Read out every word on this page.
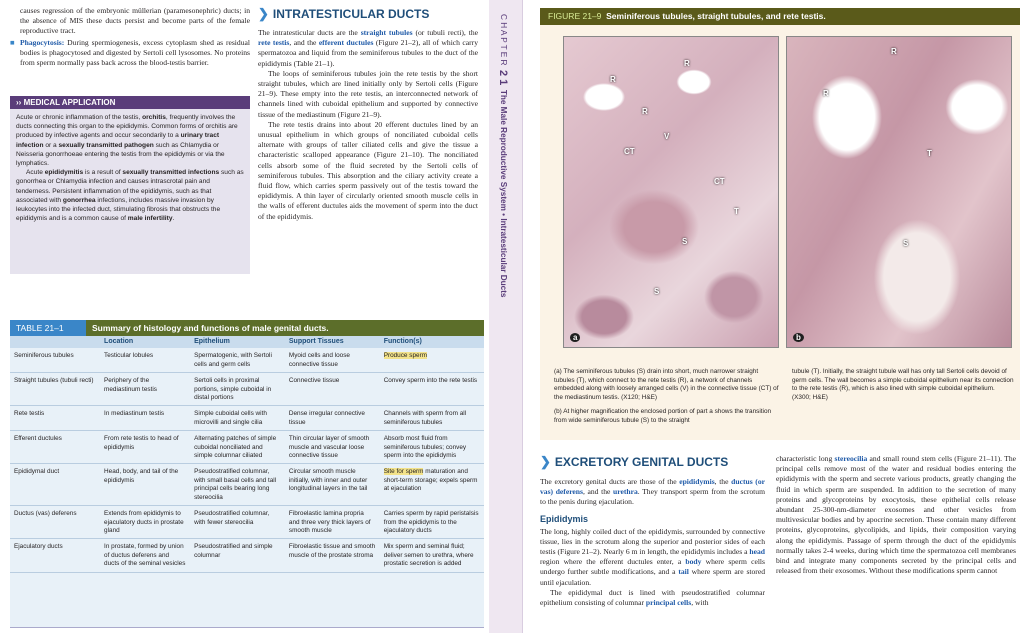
causes regression of the embryonic müllerian (paramesonephric) ducts; in the absence of MIS these ducts persist and become parts of the female reproductive tract.

■ Phagocytosis: During spermiogenesis, excess cytoplasm shed as residual bodies is phagocytosed and digested by Sertoli cell lysosomes. No proteins from sperm normally pass back across the blood-testis barrier.

›› MEDICAL APPLICATION

Acute or chronic inflammation of the testis, orchitis, frequently involves the ducts connecting this organ to the epididymis. Common forms of orchitis are produced by infective agents and occur secondarily to a urinary tract infection or a sexually transmitted pathogen such as Chlamydia or Neisseria gonorrhoeae entering the testis from the epididymis or via the lymphatics.

Acute epididymitis is a result of sexually transmitted infections such as gonorrhea or Chlamydia infection and causes intrascrotal pain and tenderness. Persistent inflammation of the epididymis, such as that associated with gonorrhea infections, includes massive invasion by leukocytes into the infected duct, stimulating fibrosis that obstructs the epididymis and is a common cause of male infertility.

❯ INTRATESTICULAR DUCTS

The intratesticular ducts are the straight tubules (or tubuli recti), the rete testis, and the efferent ductules (Figure 21–2), all of which carry spermatozoa and liquid from the seminiferous tubules to the duct of the epididymis (Table 21–1).

The loops of seminiferous tubules join the rete testis by the short straight tubules, which are lined initially only by Sertoli cells (Figure 21–9). These empty into the rete testis, an interconnected network of channels lined with cuboidal epithelium and supported by connective tissue of the mediastinum (Figure 21–9).

The rete testis drains into about 20 efferent ductules lined by an unusual epithelium in which groups of nonciliated cuboidal cells alternate with groups of taller ciliated cells and give the tissue a characteristic scalloped appearance (Figure 21–10). The nonciliated cells absorb some of the fluid secreted by the Sertoli cells of seminiferous tubules. This absorption and the ciliary activity create a fluid flow, which carries sperm passively out of the testis toward the epididymis. A thin layer of circularly oriented smooth muscle cells in the walls of efferent ductules aids the movement of sperm into the duct of the epididymis.

TABLE 21–1	Summary of histology and functions of male genital ducts.
	Location	Epithelium	Support Tissues	Function(s)
Seminiferous tubules	Testicular lobules	Spermatogenic, with Sertoli cells and germ cells	Myoid cells and loose connective tissue	Produce sperm
Straight tubules (tubuli recti)	Periphery of the mediastinum testis	Sertoli cells in proximal portions, simple cuboidal in distal portions	Connective tissue	Convey sperm into the rete testis
Rete testis	In mediastinum testis	Simple cuboidal cells with microvilli and single cilia	Dense irregular connective tissue	Channels with sperm from all seminiferous tubules
Efferent ductules	From rete testis to head of epididymis	Alternating patches of simple cuboidal nonciliated and simple columnar ciliated	Thin circular layer of smooth muscle and vascular loose connective tissue	Absorb most fluid from seminiferous tubules; convey sperm into the epididymis
Epididymal duct	Head, body, and tail of the epididymis	Pseudostratified columnar, with small basal cells and tall principal cells bearing long stereocilia	Circular smooth muscle initially, with inner and outer longitudinal layers in the tail	Site for sperm maturation and short-term storage; expels sperm at ejaculation
Ductus (vas) deferens	Extends from epididymis to ejaculatory ducts in prostate gland	Pseudostratified columnar, with fewer stereocilia	Fibroelastic lamina propria and three very thick layers of smooth muscle	Carries sperm by rapid peristalsis from the epididymis to the ejaculatory ducts
Ejaculatory ducts	In prostate, formed by union of ductus deferens and ducts of the seminal vesicles	Pseudostratified and simple columnar	Fibroelastic tissue and smooth muscle of the prostate stroma	Mix sperm and seminal fluid; deliver semen to urethra, where prostatic secretion is added
C H A P T E R  2 1  The Male Reproductive System • Intratesticular Ducts
FIGURE 21–9 Seminiferous tubules, straight tubules, and rete testis.
R
R
R
CT
CT
V
T
S
S
a
R
R
T
S
b
(a) The seminiferous tubules (S) drain into short, much narrower straight tubules (T), which connect to the rete testis (R), a network of channels embedded along with loosely arranged cells (V) in the connective tissue (CT) of the mediastinum testis. (X120; H&E)
(b) At higher magnification the enclosed portion of part a shows the transition from wide seminiferous tubule (S) to the straight
tubule (T). Initially, the straight tubule wall has only tall Sertoli cells devoid of germ cells. The wall becomes a simple cuboidal epithelium near its connection to the rete testis (R), which is also lined with simple cuboidal epithelium. (X300; H&E)
❯ EXCRETORY GENITAL DUCTS

The excretory genital ducts are those of the epididymis, the ductus (or vas) deferens, and the urethra. They transport sperm from the scrotum to the penis during ejaculation.

Epididymis

The long, highly coiled duct of the epididymis, surrounded by connective tissue, lies in the scrotum along the superior and posterior sides of each testis (Figure 21–2). Nearly 6 m in length, the epididymis includes a head region where the efferent ductules enter, a body where sperm cells undergo further subtle modifications, and a tail where sperm are stored until ejaculation.

The epididymal duct is lined with pseudostratified columnar epithelium consisting of columnar principal cells, with

characteristic long stereocilia and small round stem cells (Figure 21–11). The principal cells remove most of the water and residual bodies entering the epididymis with the sperm and secrete various products, greatly changing the fluid in which sperm are suspended. In addition to the secretion of many proteins and glycoproteins by exocytosis, these epithelial cells release abundant 25-300-nm-diameter exosomes and other vesicles from multivesicular bodies and by apocrine secretion. These contain many different proteins, glycoproteins, glycolipids, and lipids, their composition varying along the epididymis. Passage of sperm through the duct of the epididymis normally takes 2-4 weeks, during which time the spermatozoa cell membranes bind and integrate many components secreted by the principal cells and released from their exosomes. Without these modifications sperm cannot
